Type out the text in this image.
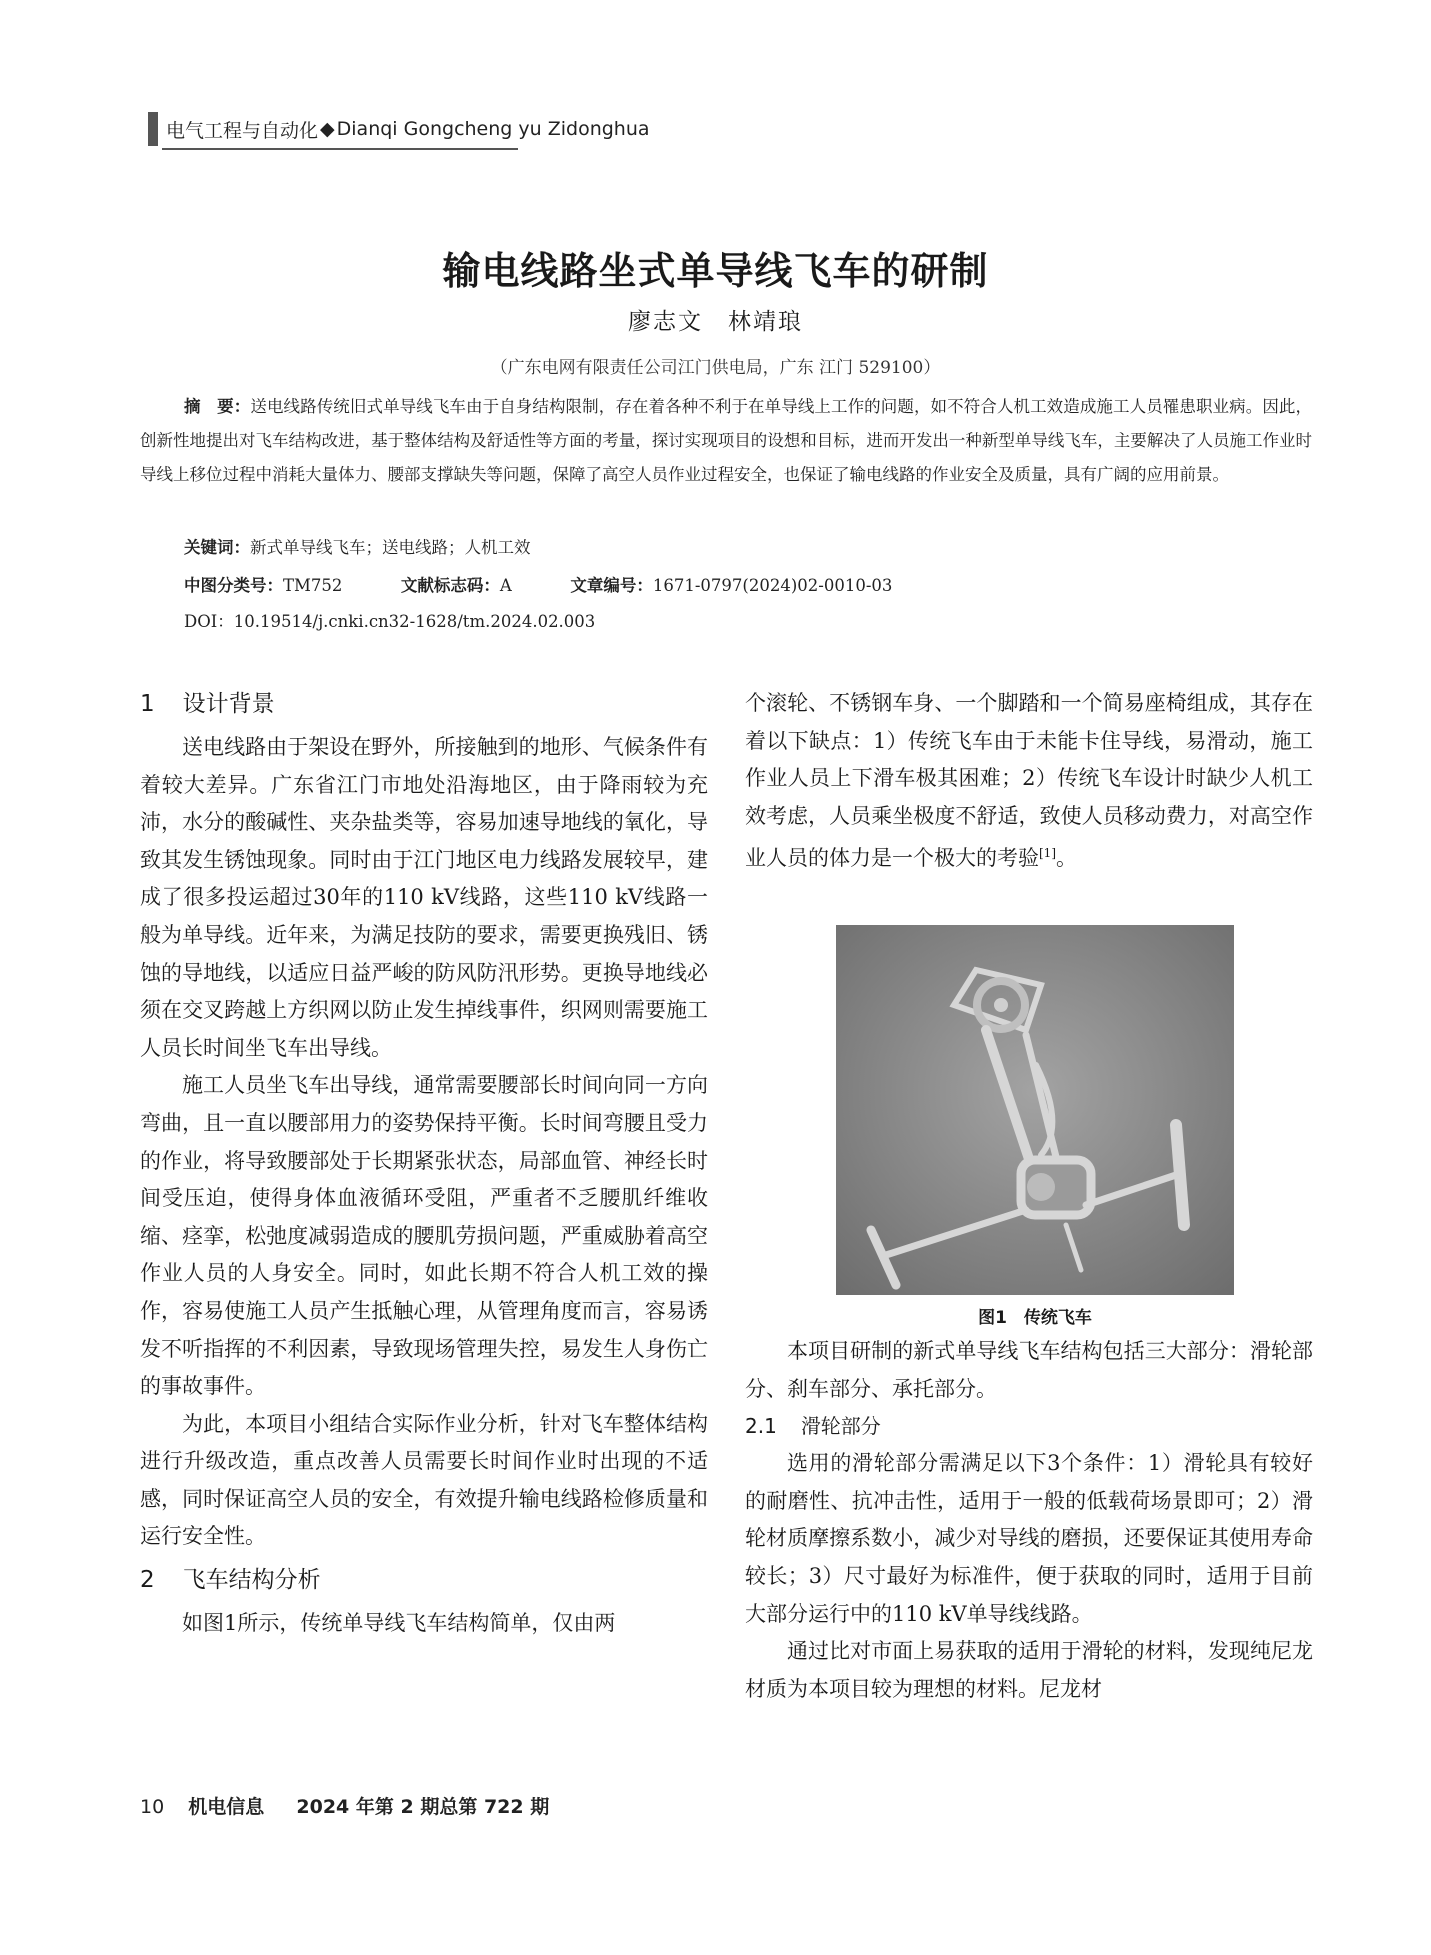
电气工程与自动化 ◆ Dianqi Gongcheng yu Zidonghua
输电线路坐式单导线飞车的研制
廖志文　林靖琅
（广东电网有限责任公司江门供电局，广东 江门 529100）
摘　要：送电线路传统旧式单导线飞车由于自身结构限制，存在着各种不利于在单导线上工作的问题，如不符合人机工效造成施工人员罹患职业病。因此，创新性地提出对飞车结构改进，基于整体结构及舒适性等方面的考量，探讨实现项目的设想和目标，进而开发出一种新型单导线飞车，主要解决了人员施工作业时导线上移位过程中消耗大量体力、腰部支撑缺失等问题，保障了高空人员作业过程安全，也保证了输电线路的作业安全及质量，具有广阔的应用前景。
关键词：新式单导线飞车；送电线路；人机工效
中图分类号：TM752	文献标志码：A	文章编号：1671-0797(2024)02-0010-03
DOI：10.19514/j.cnki.cn32-1628/tm.2024.02.003
1 设计背景

送电线路由于架设在野外，所接触到的地形、气候条件有着较大差异。广东省江门市地处沿海地区，由于降雨较为充沛，水分的酸碱性、夹杂盐类等，容易加速导地线的氧化，导致其发生锈蚀现象。同时由于江门地区电力线路发展较早，建成了很多投运超过30年的110 kV线路，这些110 kV线路一般为单导线。近年来，为满足技防的要求，需要更换残旧、锈蚀的导地线，以适应日益严峻的防风防汛形势。更换导地线必须在交叉跨越上方织网以防止发生掉线事件，织网则需要施工人员长时间坐飞车出导线。

施工人员坐飞车出导线，通常需要腰部长时间向同一方向弯曲，且一直以腰部用力的姿势保持平衡。长时间弯腰且受力的作业，将导致腰部处于长期紧张状态，局部血管、神经长时间受压迫，使得身体血液循环受阻，严重者不乏腰肌纤维收缩、痉挛，松弛度减弱造成的腰肌劳损问题，严重威胁着高空作业人员的人身安全。同时，如此长期不符合人机工效的操作，容易使施工人员产生抵触心理，从管理角度而言，容易诱发不听指挥的不利因素，导致现场管理失控，易发生人身伤亡的事故事件。

为此，本项目小组结合实际作业分析，针对飞车整体结构进行升级改造，重点改善人员需要长时间作业时出现的不适感，同时保证高空人员的安全，有效提升输电线路检修质量和运行安全性。

2 飞车结构分析

如图1所示，传统单导线飞车结构简单，仅由两

个滚轮、不锈钢车身、一个脚踏和一个简易座椅组成，其存在着以下缺点：1）传统飞车由于未能卡住导线，易滑动，施工作业人员上下滑车极其困难；2）传统飞车设计时缺少人机工效考虑，人员乘坐极度不舒适，致使人员移动费力，对高空作业人员的体力是一个极大的考验[1]。

图1　传统飞车

本项目研制的新式单导线飞车结构包括三大部分：滑轮部分、刹车部分、承托部分。

2.1 滑轮部分

选用的滑轮部分需满足以下3个条件：1）滑轮具有较好的耐磨性、抗冲击性，适用于一般的低载荷场景即可；2）滑轮材质摩擦系数小，减少对导线的磨损，还要保证其使用寿命较长；3）尺寸最好为标准件，便于获取的同时，适用于目前大部分运行中的110 kV单导线线路。

通过比对市面上易获取的适用于滑轮的材料，发现纯尼龙材质为本项目较为理想的材料。尼龙材

10 机电信息 2024 年第 2 期总第 722 期
